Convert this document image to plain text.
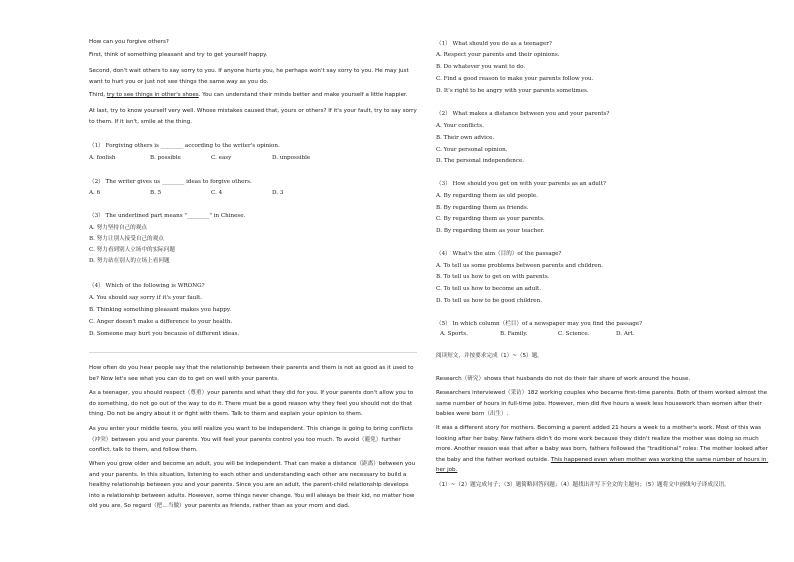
How can you forgive others?
First, think of something pleasant and try to get yourself happy.
Second, don't wait others to say sorry to you. If anyone hurts you, he perhaps won't say sorry to you. He may just want to hurt you or just not see things the same way as you do.
Third, try to see things in other's shoes. You can understand their minds better and make yourself a little happier.
At last, try to know yourself very well. Whose mistakes caused that, yours or others? If it's your fault, try to say sorry to them. If it isn't, smile at the thing.
（1） Forgiving others is ________ according to the writer's opinion.
A. foolish	B. possible	C. easy	D. unpossible
（2） The writer gives us ________ ideas to forgive others.
A. 6	B. 5	C. 4	D. 3
（3） The underlined part means "________" in Chinese.
A. 努力坚持自己的观点
B. 努力让别人接受自己的观点
C. 努力看到别人立场中的实际问题
D. 努力站在别人的立场上看问题
（4） Which of the following is WRONG?
A. You should say sorry if it's your fault.
B. Thinking something pleasant makes you happy.
C. Anger doesn't make a difference to your health.
D. Someone may hurt you because of different ideas.
How often do you hear people say that the relationship between their parents and them is not as good as it used to be? Now let's see what you can do to get on well with your parents.
As a teenager, you should respect（尊重）your parents and what they did for you. If your parents don't allow you to do something, do not go out of the way to do it. There must be a good reason why they feel you should not do that thing. Do not be angry about it or fight with them. Talk to them and explain your opinion to them.
As you enter your middle teens, you will realize you want to be independent. This change is going to bring conflicts（冲突）between you and your parents. You will feel your parents control you too much. To avoid（避免）further conflict, talk to them, and follow them.
When you grow older and become an adult, you will be independent. That can make a distance（距离）between you and your parents. In this situation, listening to each other and understanding each other are necessary to build a healthy relationship between you and your parents. Since you are an adult, the parent-child relationship develops into a relationship between adults. However, some things never change. You will always be their kid, no matter how old you are. So regard（把…当做）your parents as friends, rather than as your mom and dad.
（1） What should you do as a teenager?
A. Respect your parents and their opinions.
B. Do whatever you want to do.
C. Find a good reason to make your parents follow you.
D. It's right to be angry with your parents sometimes.
（2） What makes a distance between you and your parents?
A. Your conflicts.
B. Their own advice.
C. Your personal opinion.
D. The personal independence.
（3） How should you get on with your parents as an adult?
A. By regarding them as old people.
B. By regarding them as friends.
C. By regarding them as your parents.
D. By regarding them as your teacher.
（4） What's the aim（目的）of the passage?
A. To tell us some problems between parents and children.
B. To tell us how to get on with parents.
C. To tell us how to become an adult.
D. To tell us how to be good children.
（5） In which column（栏目）of a newspaper may you find the passage?
A. Sports.	B. Family.	C. Science.	D. Art.
阅读短文，并按要求完成（1）~（5）题。
Research（研究）shows that husbands do not do their fair share of work around the house.
Researchers interviewed（采访）182 working couples who became first-time parents. Both of them worked almost the same number of hours in full-time jobs. However, men did five hours a week less housework than women after their babies were born（出生）.
It was a different story for mothers. Becoming a parent added 21 hours a week to a mother's work. Most of this was looking after her baby. New fathers didn't do more work because they didn't realize the mother was doing so much more. Another reason was that after a baby was born, fathers followed the "traditional" roles: The mother looked after the baby and the father worked outside. This happened even when mother was working the same number of hours in her job.
（1）~（2）题完成句子；（3）题简略回答问题；（4）题找出并写下全文的主题句；（5）题将文中画线句子译成汉语。
